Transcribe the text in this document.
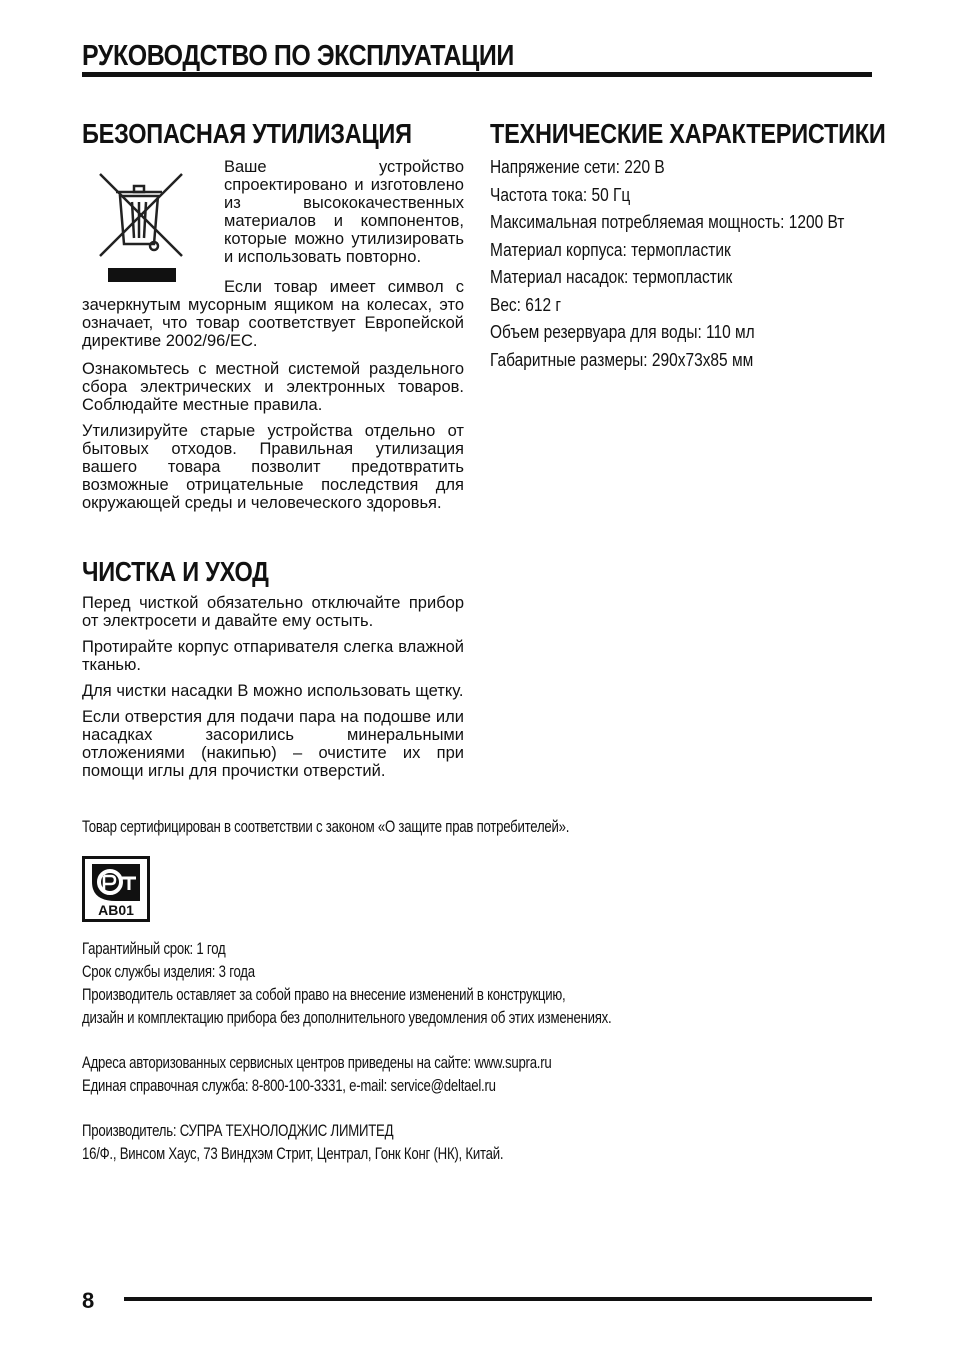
РУКОВОДСТВО ПО ЭКСПЛУАТАЦИИ
БЕЗОПАСНАЯ УТИЛИЗАЦИЯ
Ваше устройство спроектировано и изготовлено из высококачественных материалов и компонентов, которые можно утилизировать и использовать повторно.
Если товар имеет символ с зачеркнутым мусорным ящиком на колесах, это означает, что товар соответствует Европейской директиве 2002/96/EC.

Ознакомьтесь с местной системой раздельного сбора электрических и электронных товаров. Соблюдайте местные правила.

Утилизируйте старые устройства отдельно от бытовых отходов. Правильная утилизация вашего товара позволит предотвратить возможные отрицательные последствия для окружающей среды и человеческого здоровья.

ТЕХНИЧЕСКИЕ ХАРАКТЕРИСТИКИ
Напряжение сети: 220 В
Частота тока: 50 Гц
Максимальная потребляемая мощность: 1200 Вт
Материал корпуса: термопластик
Материал насадок: термопластик
Вес: 612 г
Объем резервуара для воды: 110 мл
Габаритные размеры: 290х73х85 мм
ЧИСТКА И УХОД

Перед чисткой обязательно отключайте прибор от электросети и давайте ему остыть.

Протирайте корпус отпаривателя слегка влажной тканью.

Для чистки насадки B можно использовать щетку.

Если отверстия для подачи пара на подошве или насадках засорились минеральными отложениями (накипью) – очистите их при помощи иглы для прочистки отверстий.

Товар сертифицирован в соответствии с законом «О защите прав потребителей».
АВ01
Гарантийный срок: 1 год
Срок службы изделия: 3 года
Производитель оставляет за собой право на внесение изменений в конструкцию,
дизайн и комплектацию прибора без дополнительного уведомления об этих изменениях.
Адреса авторизованных сервисных центров приведены на сайте: www.supra.ru
Единая справочная служба: 8-800-100-3331, e-mail: service@deltael.ru
Производитель: СУПРА ТЕХНОЛОДЖИС ЛИМИТЕД
16/Ф., Винсом Хаус, 73 Виндхэм Стрит, Централ, Гонк Конг (НК), Китай.
8
